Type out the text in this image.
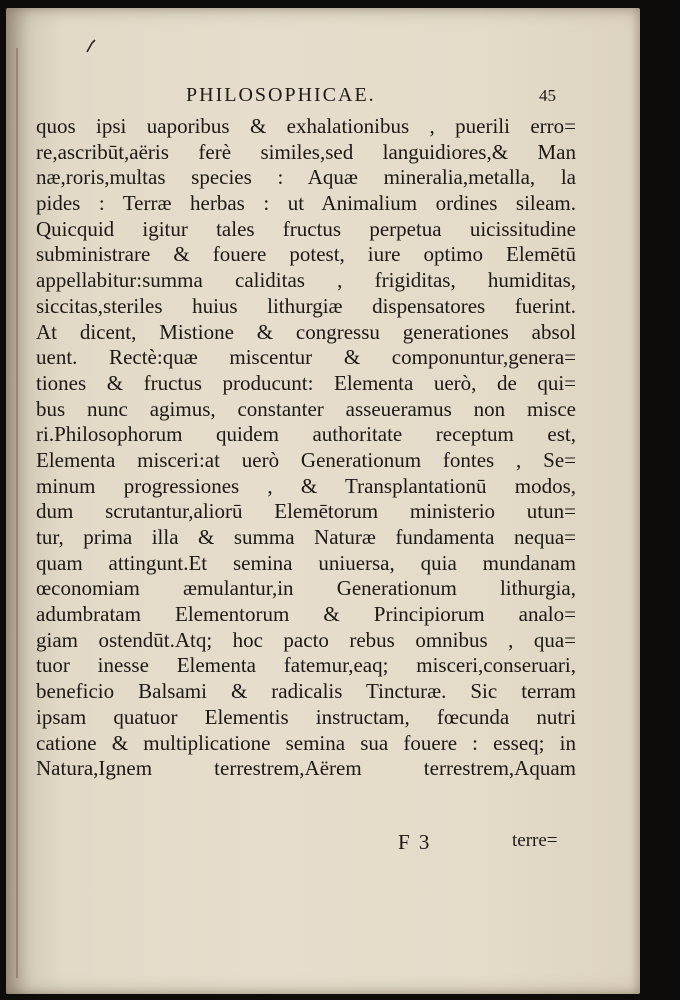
PHILOSOPHICAE.	45
quos ipsi uaporibus & exhalationibus , puerili erro=
re,ascribūt,aëris ferè similes,sed languidiores,& Man
næ,roris,multas species : Aquæ mineralia,metalla, la
pides : Terræ herbas : ut Animalium ordines sileam.
Quicquid igitur tales fructus perpetua uicissitudine
subministrare & fouere potest, iure optimo Elemētū
appellabitur:summa caliditas , frigiditas, humiditas,
siccitas,steriles huius lithurgiæ dispensatores fuerint.
At dicent, Mistione & congressu generationes absol
uent. Rectè:quæ miscentur & componuntur,genera=
tiones & fructus producunt: Elementa uerò, de qui=
bus nunc agimus, constanter asseueramus non misce
ri.Philosophorum quidem authoritate receptum est,
Elementa misceri:at uerò Generationum fontes , Se=
minum progressiones , & Transplantationū modos,
dum scrutantur,aliorū Elemētorum ministerio utun=
tur, prima illa & summa Naturæ fundamenta nequa=
quam attingunt.Et semina uniuersa, quia mundanam
œconomiam æmulantur,in Generationum lithurgia,
adumbratam Elementorum & Principiorum analo=
giam ostendūt.Atq; hoc pacto rebus omnibus , qua=
tuor inesse Elementa fatemur,eaq; misceri,conseruari,
beneficio Balsami & radicalis Tincturæ. Sic terram
ipsam quatuor Elementis instructam, fœcunda nutri
catione & multiplicatione semina sua fouere : esseq; in
Natura,Ignem terrestrem,Aërem terrestrem,Aquam
F 3	terre=
